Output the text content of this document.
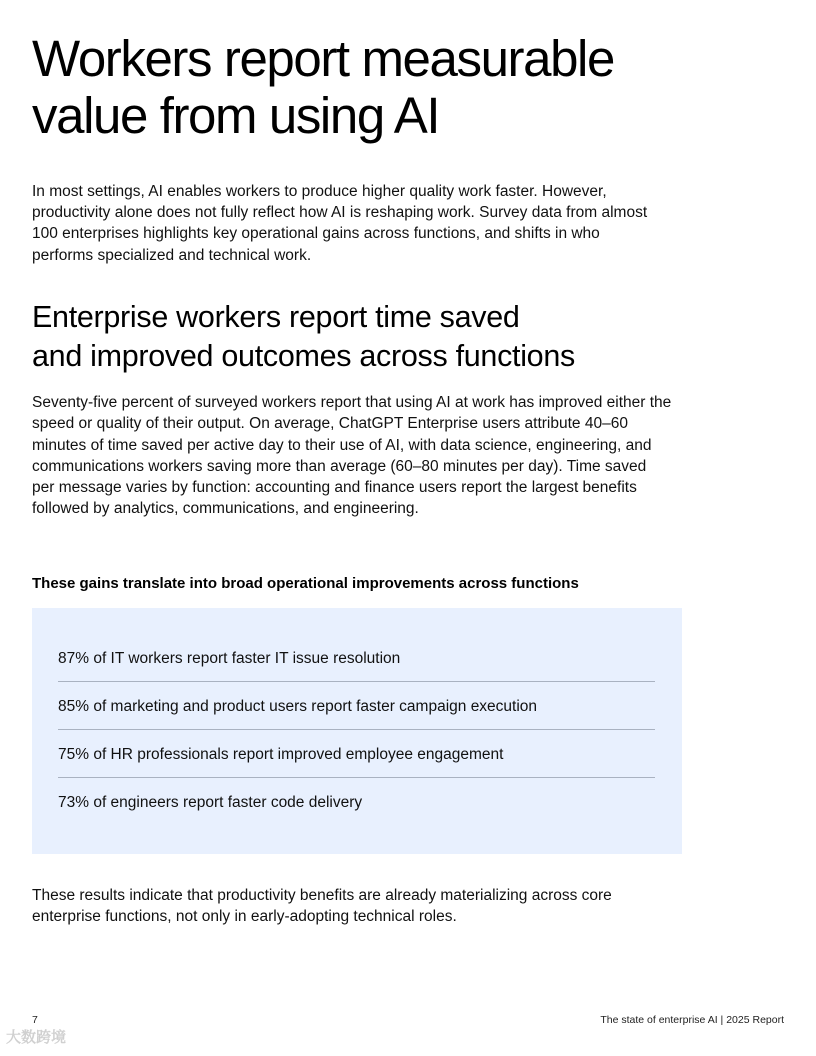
Workers report measurable
value from using AI

In most settings, AI enables workers to produce higher quality work faster. However, productivity alone does not fully reflect how AI is reshaping work. Survey data from almost 100 enterprises highlights key operational gains across functions, and shifts in who performs specialized and technical work.

Enterprise workers report time saved
and improved outcomes across functions

Seventy-five percent of surveyed workers report that using AI at work has improved either the speed or quality of their output. On average, ChatGPT Enterprise users attribute 40–60 minutes of time saved per active day to their use of AI, with data science, engineering, and communications workers saving more than average (60–80 minutes per day). Time saved per message varies by function: accounting and finance users report the largest benefits followed by analytics, communications, and engineering.

These gains translate into broad operational improvements across functions

87% of IT workers report faster IT issue resolution
85% of marketing and product users report faster campaign execution
75% of HR professionals report improved employee engagement
73% of engineers report faster code delivery

These results indicate that productivity benefits are already materializing across core enterprise functions, not only in early-adopting technical roles.

7	The state of enterprise AI | 2025 Report
大数跨境
